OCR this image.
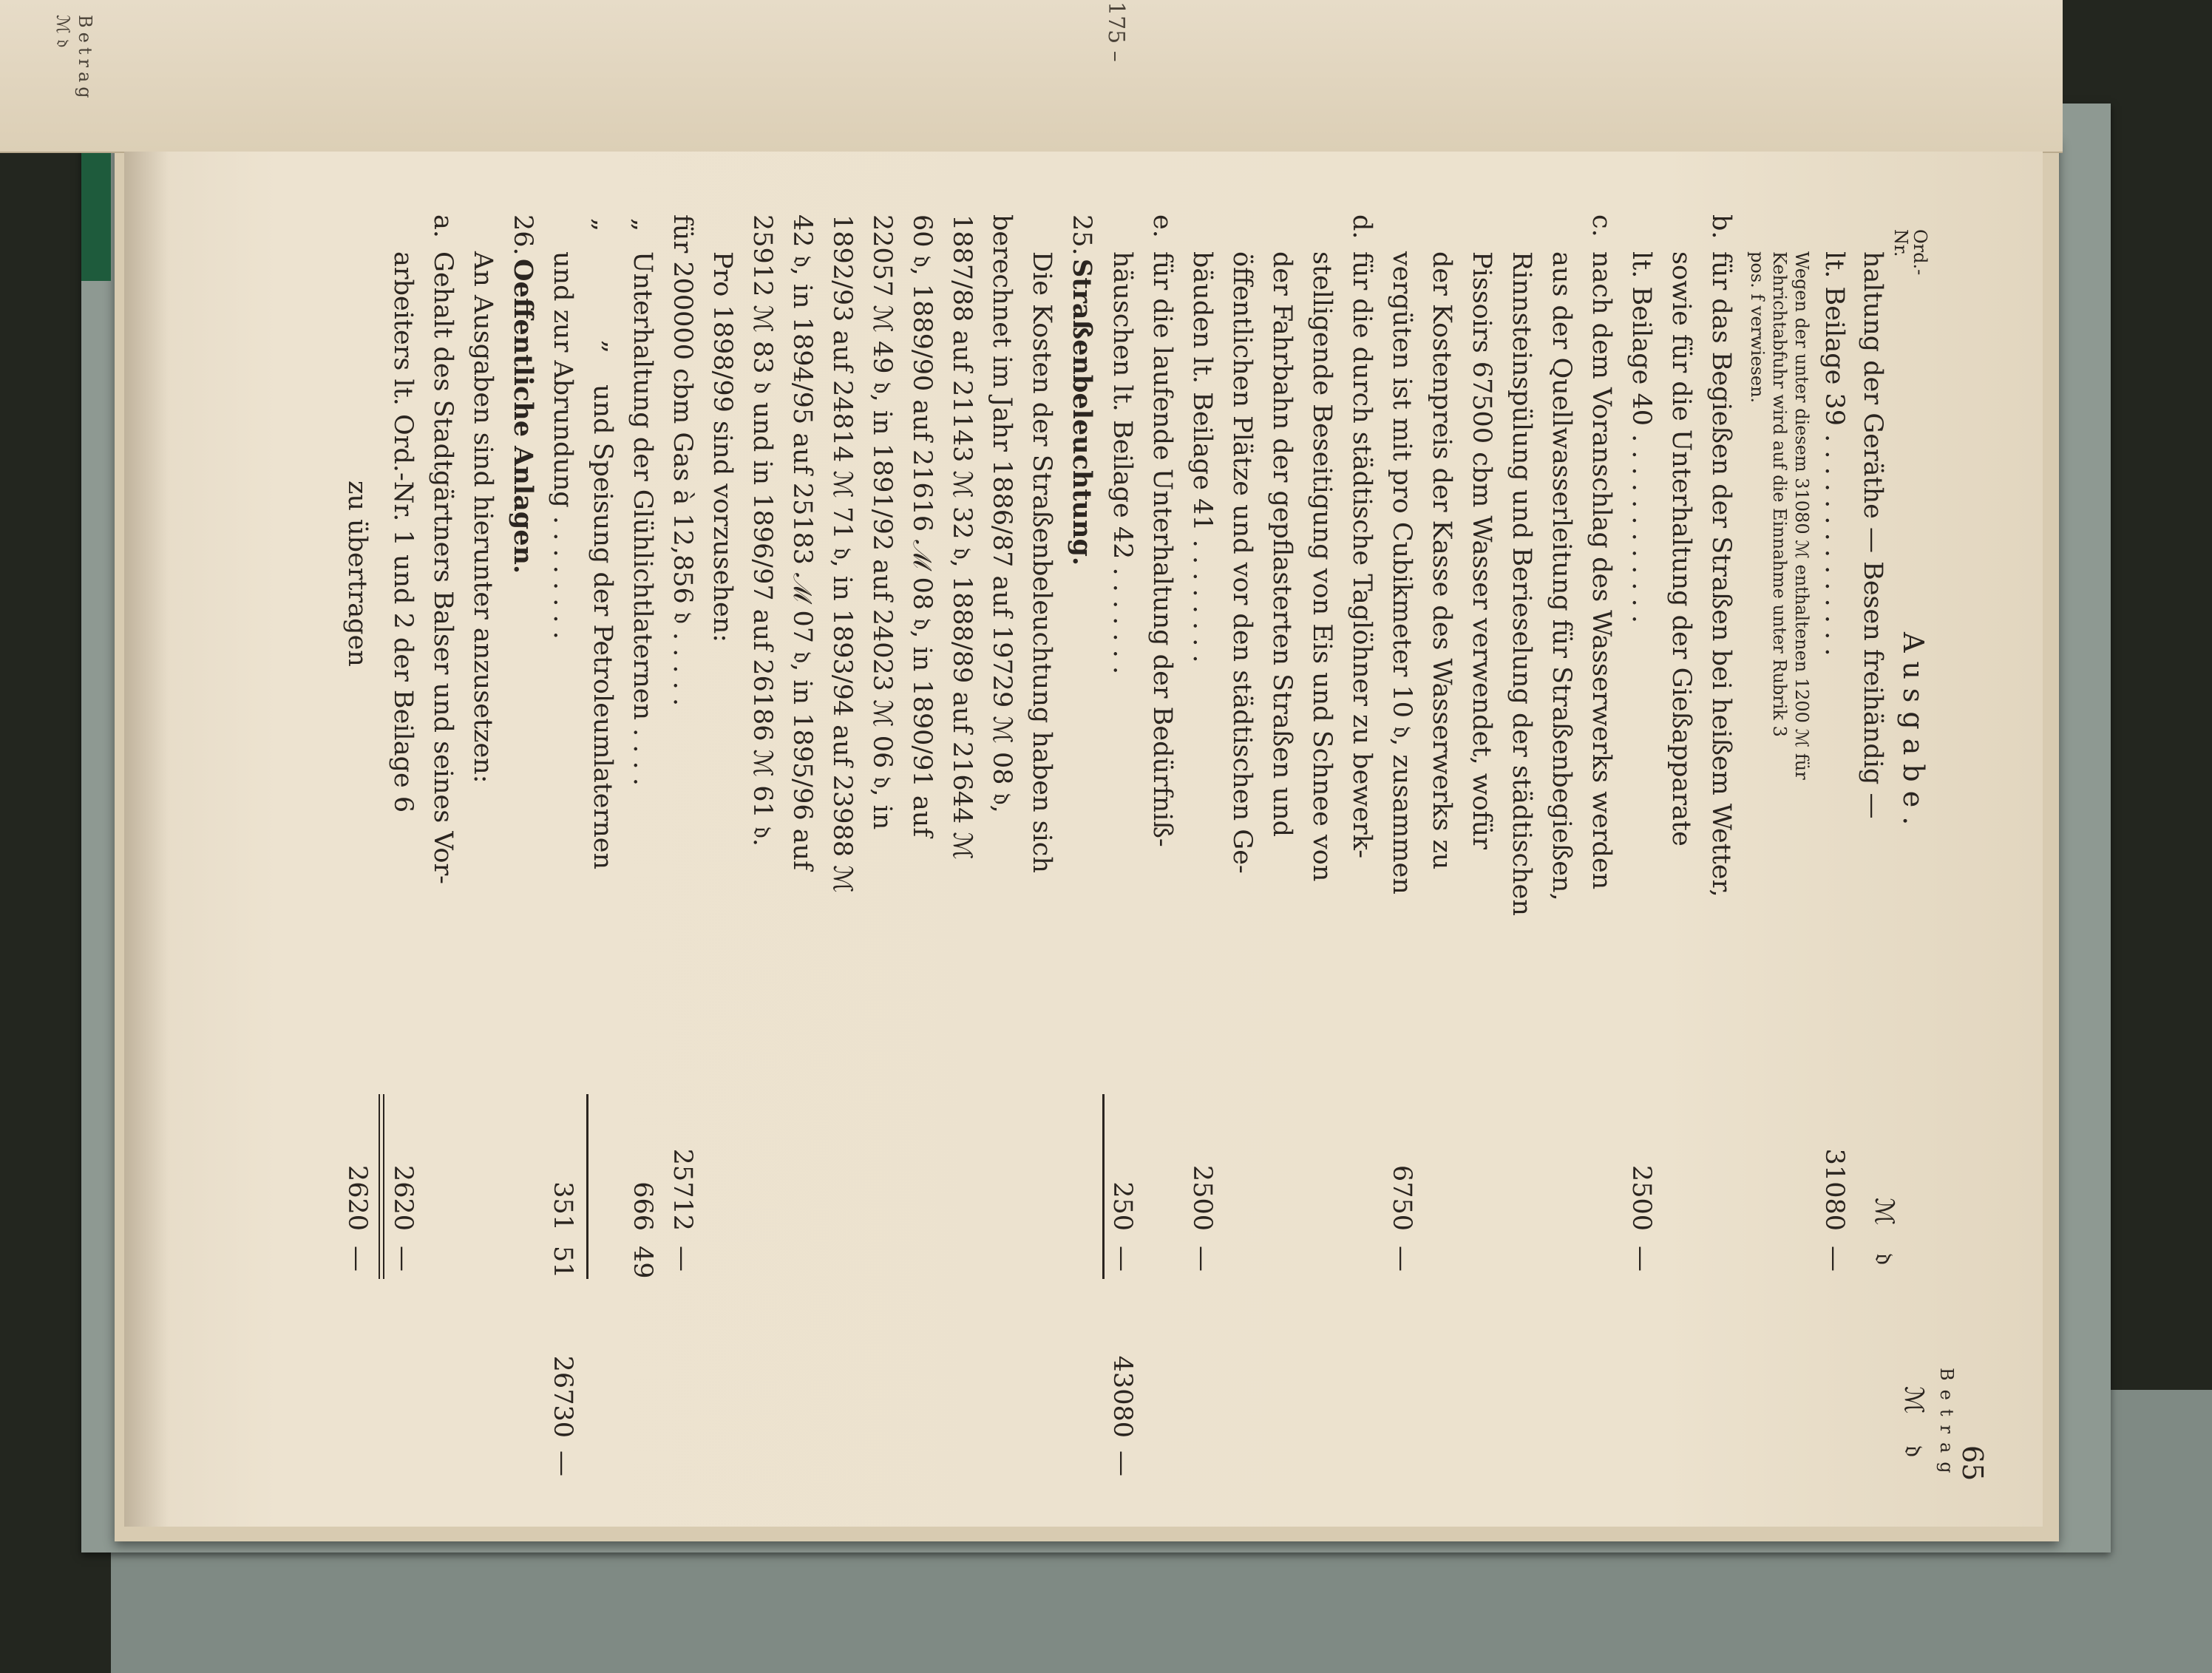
Betrag
ℳ 𝔡	175 –
Ord.-
Nr.
Ausgabe.
Betrag 65
ℳ
𝔡
ℳ
𝔡
haltung der Geräthe — Besen freihändig —
lt. Beilage 39 . . . . . . . . . . . . . .
31080
—
Wegen der unter diesem 31080 ℳ enthaltenen 1200 ℳ für
Kehrichtabfuhr wird auf die Einnahme unter Rubrik 3
pos. f verwiesen.
b.
für das Begießen der Straßen bei heißem Wetter,
sowie für die Unterhaltung der Gießapparate
lt. Beilage 40 . . . . . . . . . . . .
2500
—
c.
nach dem Voranschlag des Wasserwerks werden
aus der Quellwasserleitung für Straßenbegießen,
Rinnsteinspülung und Berieselung der städtischen
Pissoirs 67500 cbm Wasser verwendet, wofür
der Kostenpreis der Kasse des Wasserwerks zu
vergüten ist mit pro Cubikmeter 10 𝔡, zusammen
6750
—
d.
für die durch städtische Taglöhner zu bewerk-
stelligende Beseitigung von Eis und Schnee von
der Fahrbahn der gepflasterten Straßen und
öffentlichen Plätze und vor den städtischen Ge-
bäuden lt. Beilage 41 . . . . . . . .
2500
—
e.
für die laufende Unterhaltung der Bedürfniß-
häuschen lt. Beilage 42 . . . . . . .
250
—
43080
—
25.
Straßenbeleuchtung.
Die Kosten der Straßenbeleuchtung haben sich
berechnet im Jahr 1886/87 auf 19729 ℳ 08 𝔡,
1887/88 auf 21143 ℳ 32 𝔡, 1888/89 auf 21644 ℳ
60 𝔡, 1889/90 auf 21616 ℳ 08 𝔡, in 1890/91 auf
22057 ℳ 49 𝔡, in 1891/92 auf 24023 ℳ 06 𝔡, in
1892/93 auf 24814 ℳ 71 𝔡, in 1893/94 auf 23988 ℳ
42 𝔡, in 1894/95 auf 25183 ℳ 07 𝔡, in 1895/96 auf
25912 ℳ 83 𝔡 und in 1896/97 auf 26186 ℳ 61 𝔡.
Pro 1898/99 sind vorzusehen:
für 200000 cbm Gas à 12,856 𝔡 . . . . .
25712
—
„
Unterhaltung der Glühlichtlaternen . . . .
666
49
„
„
und Speisung der Petroleumlaternen
und zur Abrundung . . . . . . . .
351
51
26730
—
26.
Oeffentliche Anlagen.
An Ausgaben sind hierunter anzusetzen:
a.
Gehalt des Stadtgärtners Balser und seines Vor-
arbeiters lt. Ord.-Nr. 1 und 2 der Beilage 6
2620
—
zu übertragen
2620
—
